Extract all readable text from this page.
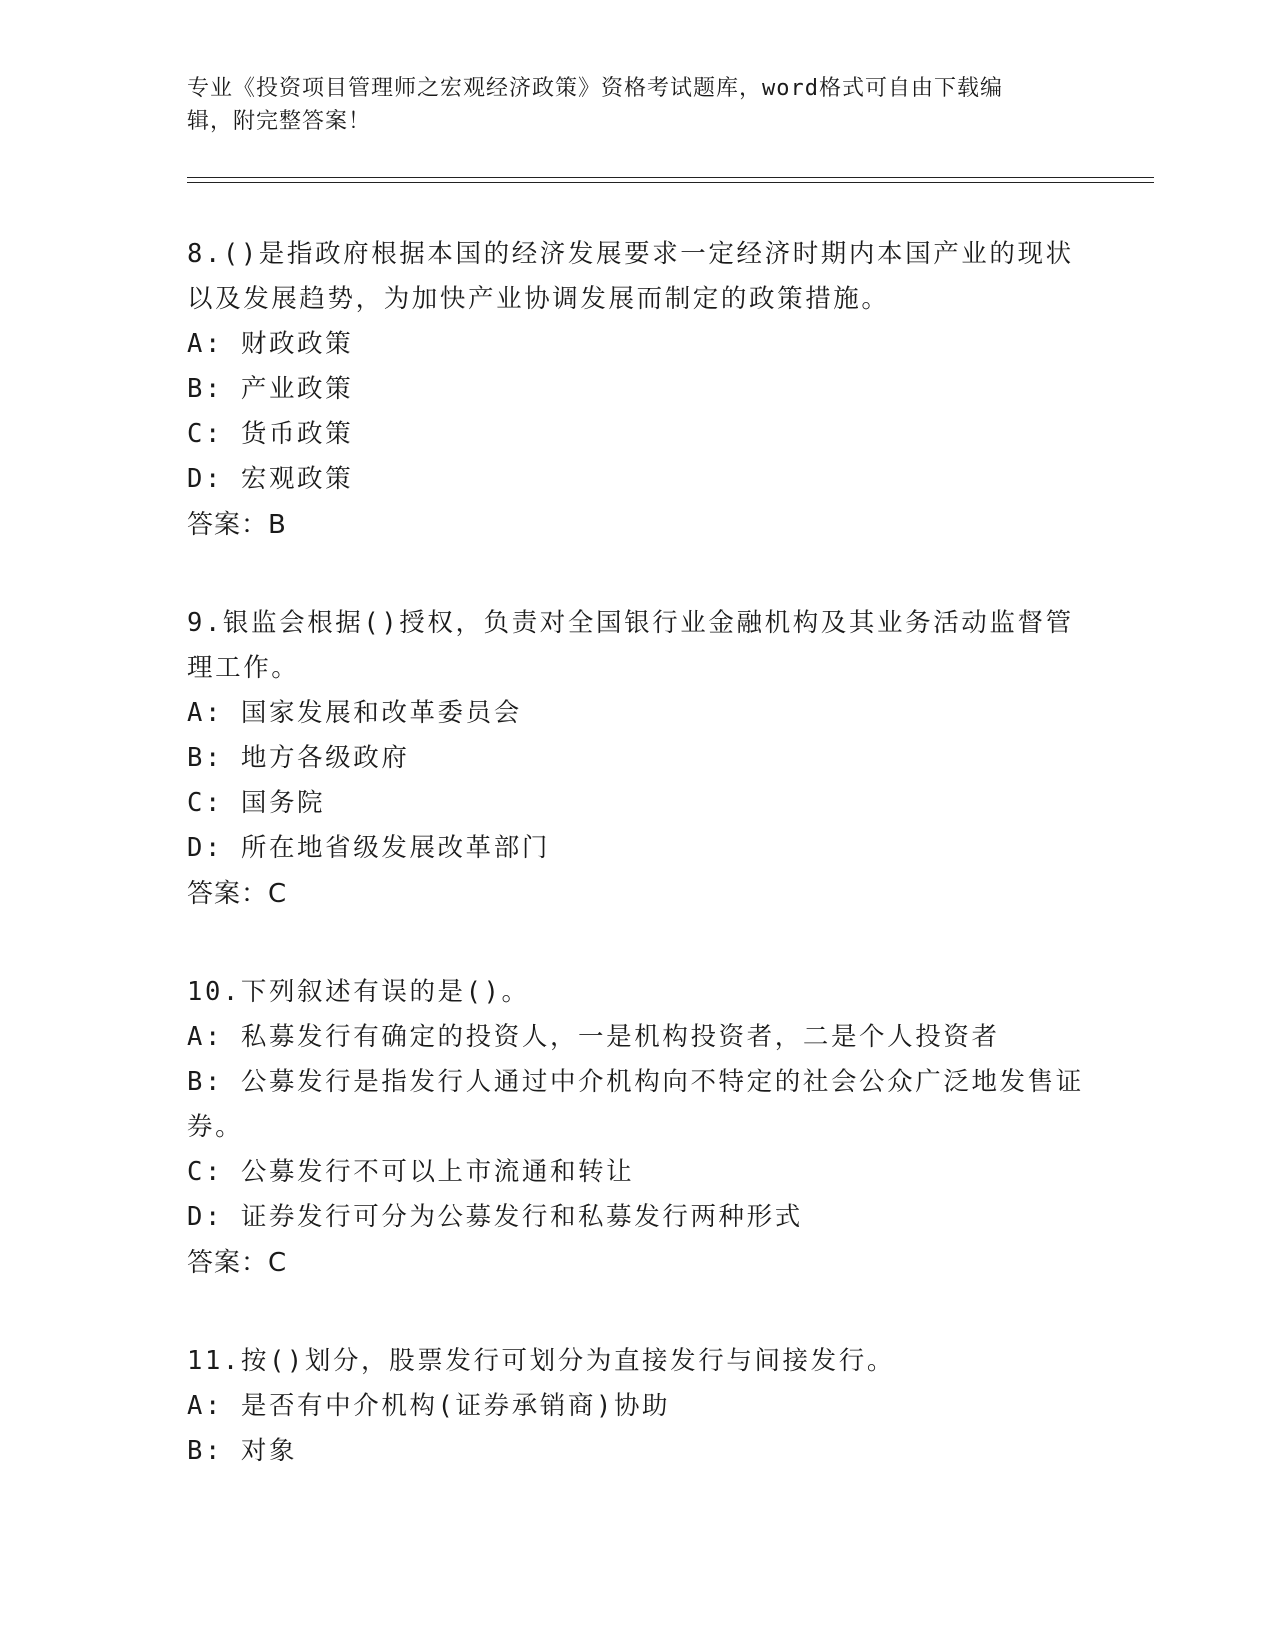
专业《投资项目管理师之宏观经济政策》资格考试题库，word格式可自由下载编
辑，附完整答案！

8.()是指政府根据本国的经济发展要求一定经济时期内本国产业的现状以及发展趋势，为加快产业协调发展而制定的政策措施。

A: 财政政策

B: 产业政策

C: 货币政策

D: 宏观政策

答案：B

9.银监会根据()授权，负责对全国银行业金融机构及其业务活动监督管理工作。

A: 国家发展和改革委员会

B: 地方各级政府

C: 国务院

D: 所在地省级发展改革部门

答案：C

10.下列叙述有误的是()。

A: 私募发行有确定的投资人，一是机构投资者，二是个人投资者

B: 公募发行是指发行人通过中介机构向不特定的社会公众广泛地发售证券。

C: 公募发行不可以上市流通和转让

D: 证券发行可分为公募发行和私募发行两种形式

答案：C

11.按()划分，股票发行可划分为直接发行与间接发行。

A: 是否有中介机构(证券承销商)协助

B: 对象
